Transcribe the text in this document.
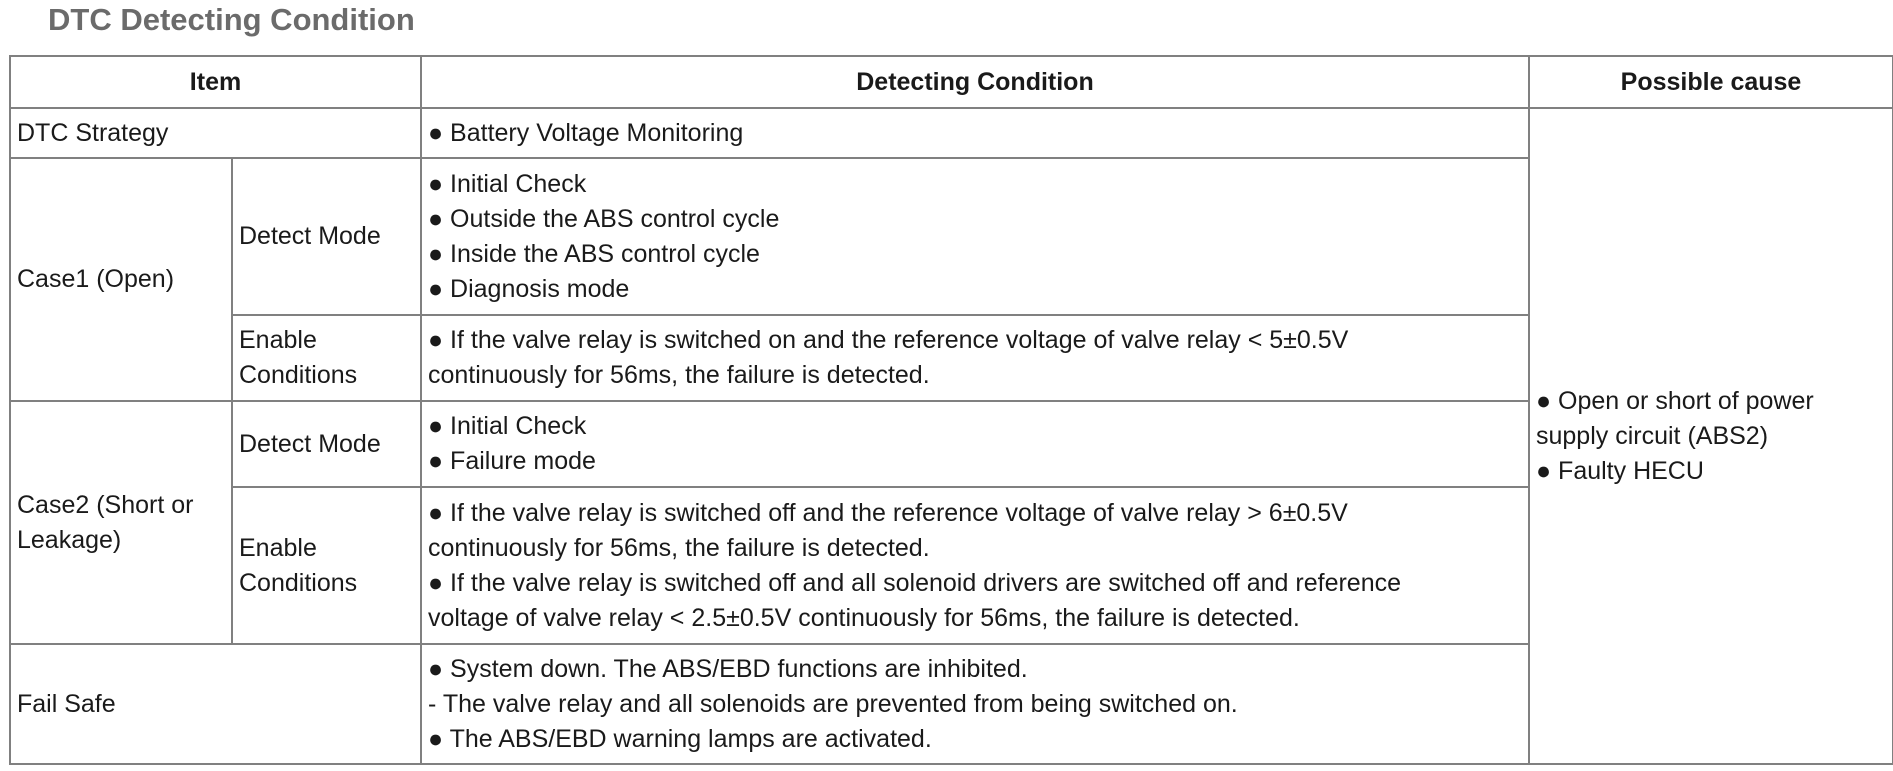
DTC Detecting Condition
Item		Detecting Condition	Possible cause
DTC Strategy		● Battery Voltage Monitoring	● Open or short of power
supply circuit (ABS2)
● Faulty HECU

Case1 (Open)	Detect Mode	● Initial Check
● Outside the ABS control cycle
● Inside the ABS control cycle
● Diagnosis mode	

	Enable Conditions	● If the valve relay is switched on and the reference voltage of valve relay < 5±0.5V
continuously for 56ms, the failure is detected.	

Case2 (Short or Leakage)	Detect Mode	● Initial Check
● Failure mode	

	Enable Conditions	● If the valve relay is switched off and the reference voltage of valve relay > 6±0.5V
continuously for 56ms, the failure is detected.
● If the valve relay is switched off and all solenoid drivers are switched off and reference
voltage of valve relay < 2.5±0.5V continuously for 56ms, the failure is detected.	

Fail Safe		● System down. The ABS/EBD functions are inhibited.
- The valve relay and all solenoids are prevented from being switched on.
● The ABS/EBD warning lamps are activated.	
